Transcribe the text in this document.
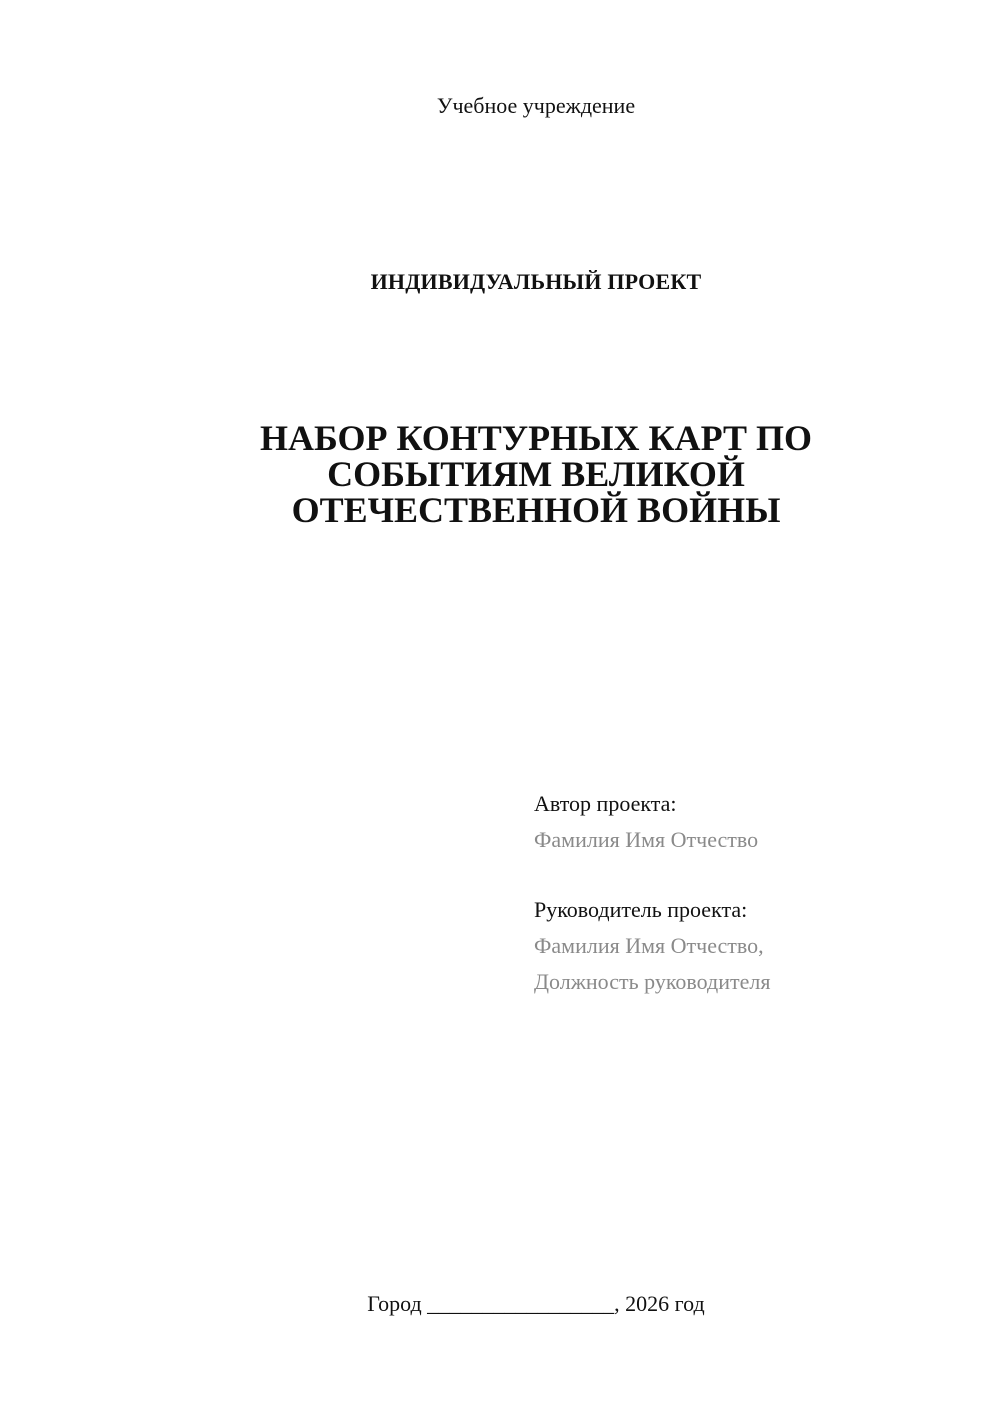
Учебное учреждение
ИНДИВИДУАЛЬНЫЙ ПРОЕКТ
НАБОР КОНТУРНЫХ КАРТ ПО
СОБЫТИЯМ ВЕЛИКОЙ
ОТЕЧЕСТВЕННОЙ ВОЙНЫ
Автор проекта:
Фамилия Имя Отчество
Руководитель проекта:
Фамилия Имя Отчество,
Должность руководителя
Город _________________, 2026 год
